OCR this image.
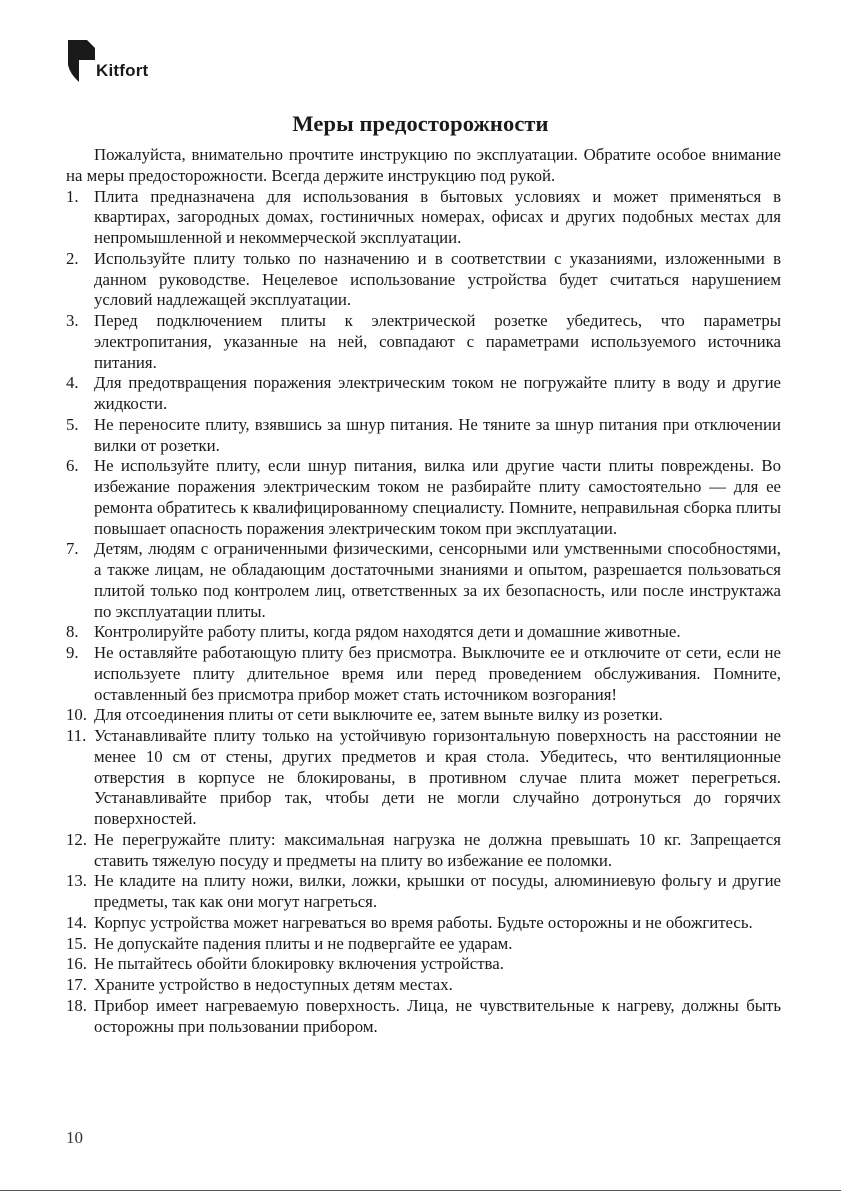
Kitfort
Меры предосторожности

Пожалуйста, внимательно прочтите инструкцию по эксплуатации. Обратите особое внимание на меры предосторожности. Всегда держите инструкцию под рукой.

1. Плита предназначена для использования в бытовых условиях и может применяться в квартирах, загородных домах, гостиничных номерах, офисах и других подобных местах для непромышленной и некоммерческой эксплуатации.
2. Используйте плиту только по назначению и в соответствии с указаниями, изложенными в данном руководстве. Нецелевое использование устройства будет считаться нарушением условий надлежащей эксплуатации.
3. Перед подключением плиты к электрической розетке убедитесь, что параметры электропитания, указанные на ней, совпадают с параметрами используемого источника питания.
4. Для предотвращения поражения электрическим током не погружайте плиту в воду и другие жидкости.
5. Не переносите плиту, взявшись за шнур питания. Не тяните за шнур питания при отключении вилки от розетки.
6. Не используйте плиту, если шнур питания, вилка или другие части плиты повреждены. Во избежание поражения электрическим током не разбирайте плиту самостоятельно — для ее ремонта обратитесь к квалифицированному специалисту. Помните, неправильная сборка плиты повышает опасность поражения электрическим током при эксплуатации.
7. Детям, людям с ограниченными физическими, сенсорными или умственными способностями, а также лицам, не обладающим достаточными знаниями и опытом, разрешается пользоваться плитой только под контролем лиц, ответственных за их безопасность, или после инструктажа по эксплуатации плиты.
8. Контролируйте работу плиты, когда рядом находятся дети и домашние животные.
9. Не оставляйте работающую плиту без присмотра. Выключите ее и отключите от сети, если не используете плиту длительное время или перед проведением обслуживания. Помните, оставленный без присмотра прибор может стать источником возгорания!
10. Для отсоединения плиты от сети выключите ее, затем выньте вилку из розетки.
11. Устанавливайте плиту только на устойчивую горизонтальную поверхность на расстоянии не менее 10 см от стены, других предметов и края стола. Убедитесь, что вентиляционные отверстия в корпусе не блокированы, в противном случае плита может перегреться. Устанавливайте прибор так, чтобы дети не могли случайно дотронуться до горячих поверхностей.
12. Не перегружайте плиту: максимальная нагрузка не должна превышать 10 кг. Запрещается ставить тяжелую посуду и предметы на плиту во избежание ее поломки.
13. Не кладите на плиту ножи, вилки, ложки, крышки от посуды, алюминиевую фольгу и другие предметы, так как они могут нагреться.
14. Корпус устройства может нагреваться во время работы. Будьте осторожны и не обожгитесь.
15. Не допускайте падения плиты и не подвергайте ее ударам.
16. Не пытайтесь обойти блокировку включения устройства.
17. Храните устройство в недоступных детям местах.
18. Прибор имеет нагреваемую поверхность. Лица, не чувствительные к нагреву, должны быть осторожны при пользовании прибором.
10
